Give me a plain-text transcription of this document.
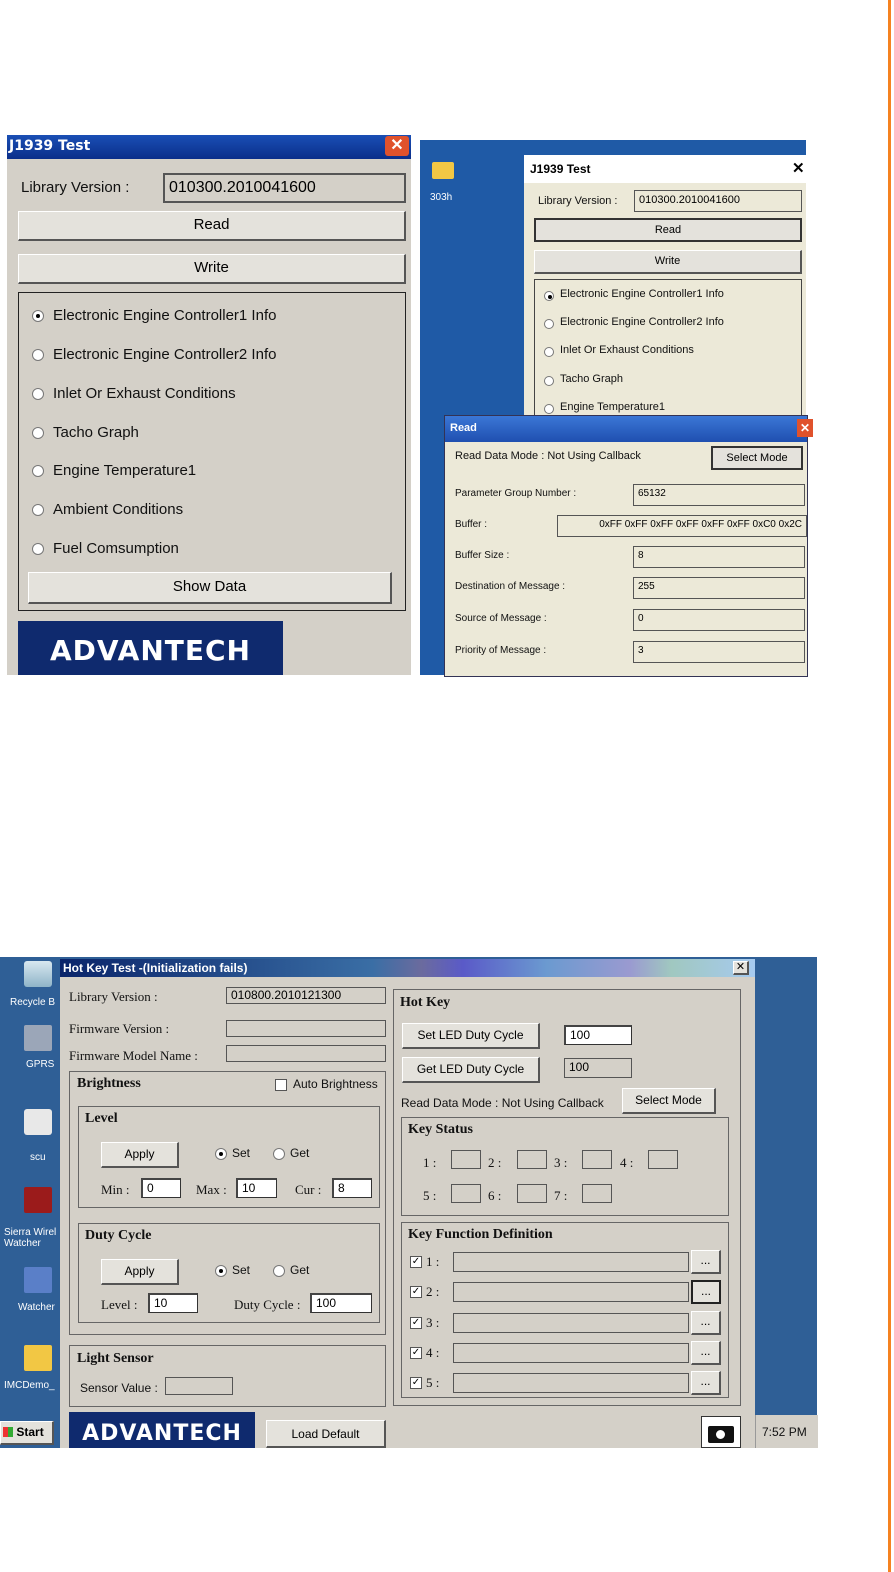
J1939 Test	✕
Library Version :	010300.2010041600
Read
Write
Electronic Engine Controller1 Info
Electronic Engine Controller2 Info
Inlet Or Exhaust Conditions
Tacho Graph
Engine Temperature1
Ambient Conditions
Fuel Comsumption
Show Data
ADVANTECH
303h
J1939 Test	✕
Library Version :	010300.2010041600
Read
Write
Electronic Engine Controller1 Info
Electronic Engine Controller2 Info
Inlet Or Exhaust Conditions
Tacho Graph
Engine Temperature1
Read	✕
Read Data Mode : Not Using Callback	Select Mode
Parameter Group Number :	65132
Buffer :	0xFF 0xFF 0xFF 0xFF 0xFF 0xFF 0xC0 0x2C
Buffer Size :	8
Destination of Message :	255
Source of Message :	0
Priority of Message :	3
Recycle B
GPRS
scu
Sierra Wirel Watcher
Watcher
IMCDemo_
Start	7:52 PM
Hot Key Test -(Initialization fails)	✕
Library Version :	010800.2010121300
Firmware Version :
Firmware Model Name :
Brightness	Auto Brightness
Level
Apply	Set	Get
Min :	0	Max :	10	Cur :	8
Duty Cycle
Apply	Set	Get
Level :	10	Duty Cycle :	100
Light Sensor
Sensor Value :
Hot Key
Set LED Duty Cycle	100
Get LED Duty Cycle	100
Read Data Mode : Not Using Callback	Select Mode
Key Status
1 :	2 :	3 :	4 :
5 :	6 :	7 :
Key Function Definition
✓ 1 :	...
✓ 2 :	...
✓ 3 :	...
✓ 4 :	...
✓ 5 :	...
ADVANTECH	Load Default
